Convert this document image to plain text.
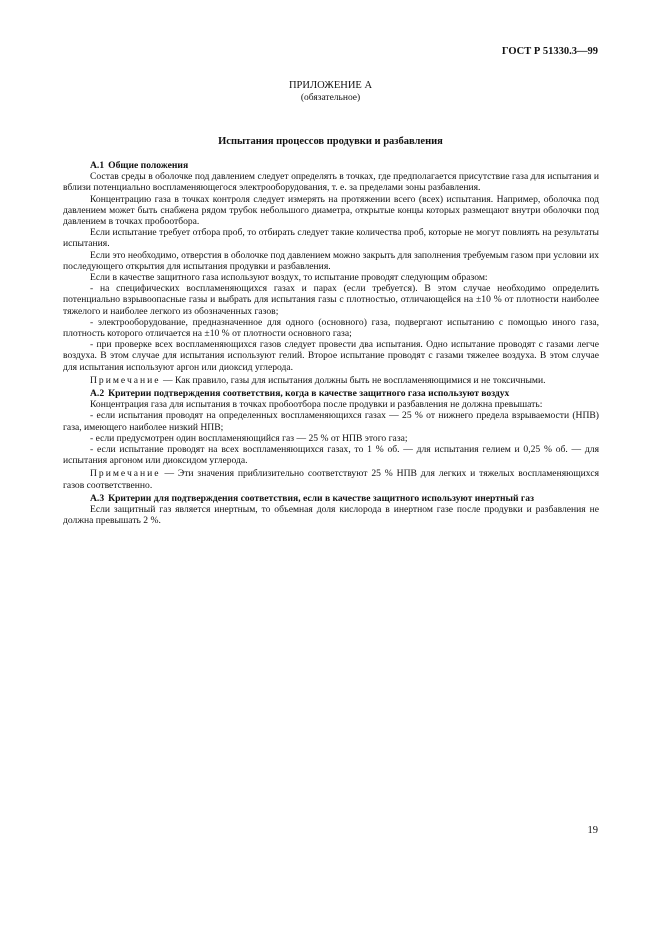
ГОСТ Р 51330.3—99
ПРИЛОЖЕНИЕ А
(обязательное)
Испытания процессов продувки и разбавления

А.1 Общие положения

Состав среды в оболочке под давлением следует определять в точках, где предполагается присутствие газа для испытания и вблизи потенциально воспламеняющегося электрооборудования, т. е. за пределами зоны разбавления.

Концентрацию газа в точках контроля следует измерять на протяжении всего (всех) испытания. Например, оболочка под давлением может быть снабжена рядом трубок небольшого диаметра, открытые концы которых размещают внутри оболочки под давлением в точках пробоотбора.

Если испытание требует отбора проб, то отбирать следует такие количества проб, которые не могут повлиять на результаты испытания.

Если это необходимо, отверстия в оболочке под давлением можно закрыть для заполнения требуемым газом при условии их последующего открытия для испытания продувки и разбавления.

Если в качестве защитного газа используют воздух, то испытание проводят следующим образом:

- на специфических воспламеняющихся газах и парах (если требуется). В этом случае необходимо определить потенциально взрывоопасные газы и выбрать для испытания газы с плотностью, отличающейся на ±10 % от плотности наиболее тяжелого и наиболее легкого из обозначенных газов;

- электрооборудование, предназначенное для одного (основного) газа, подвергают испытанию с помощью иного газа, плотность которого отличается на ±10 % от плотности основного газа;

- при проверке всех воспламеняющихся газов следует провести два испытания. Одно испытание проводят с газами легче воздуха. В этом случае для испытания используют гелий. Второе испытание проводят с газами тяжелее воздуха. В этом случае для испытания используют аргон или диоксид углерода.

Примечание — Как правило, газы для испытания должны быть не воспламеняющимися и не токсичными.

А.2 Критерии подтверждения соответствия, когда в качестве защитного газа используют воздух

Концентрация газа для испытания в точках пробоотбора после продувки и разбавления не должна превышать:

- если испытания проводят на определенных воспламеняющихся газах — 25 % от нижнего предела взрываемости (НПВ) газа, имеющего наиболее низкий НПВ;

- если предусмотрен один воспламеняющийся газ — 25 % от НПВ этого газа;

- если испытание проводят на всех воспламеняющихся газах, то 1 % об. — для испытания гелием и 0,25 % об. — для испытания аргоном или диоксидом углерода.

Примечание — Эти значения приблизительно соответствуют 25 % НПВ для легких и тяжелых воспламеняющихся газов соответственно.

А.3 Критерии для подтверждения соответствия, если в качестве защитного используют инертный газ

Если защитный газ является инертным, то объемная доля кислорода в инертном газе после продувки и разбавления не должна превышать 2 %.

19
